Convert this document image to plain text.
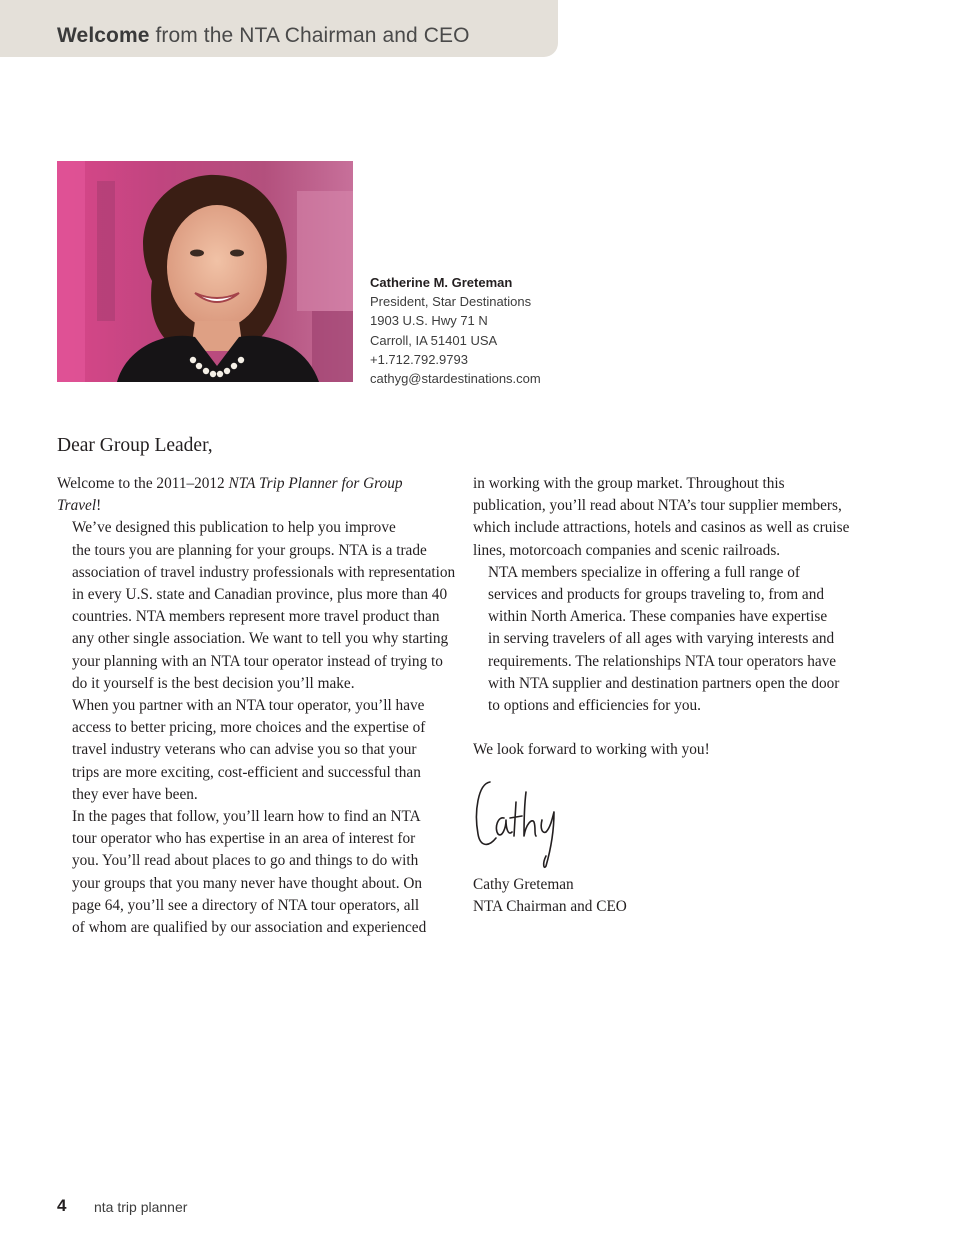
Welcome from the NTA Chairman and CEO
Catherine M. Greteman
President, Star Destinations
1903 U.S. Hwy 71 N
Carroll, IA 51401 USA
+1.712.792.9793
cathyg@stardestinations.com
Dear Group Leader,

Welcome to the 2011–2012 NTA Trip Planner for Group Travel!

We’ve designed this publication to help you improve
the tours you are planning for your groups. NTA is a trade
association of travel industry professionals with representation
in every U.S. state and Canadian province, plus more than 40
countries. NTA members represent more travel product than
any other single association. We want to tell you why starting
your planning with an NTA tour operator instead of trying to
do it yourself is the best decision you’ll make.

When you partner with an NTA tour operator, you’ll have
access to better pricing, more choices and the expertise of
travel industry veterans who can advise you so that your
trips are more exciting, cost-efficient and successful than
they ever have been.

In the pages that follow, you’ll learn how to find an NTA
tour operator who has expertise in an area of interest for
you. You’ll read about places to go and things to do with
your groups that you many never have thought about. On
page 64, you’ll see a directory of NTA tour operators, all
of whom are qualified by our association and experienced

in working with the group market. Throughout this
publication, you’ll read about NTA’s tour supplier members,
which include attractions, hotels and casinos as well as cruise
lines, motorcoach companies and scenic railroads.

NTA members specialize in offering a full range of
services and products for groups traveling to, from and
within North America. These companies have expertise
in serving travelers of all ages with varying interests and
requirements. The relationships NTA tour operators have
with NTA supplier and destination partners open the door
to options and efficiencies for you.

We look forward to working with you!

Cathy Greteman
NTA Chairman and CEO
4 nta trip planner
